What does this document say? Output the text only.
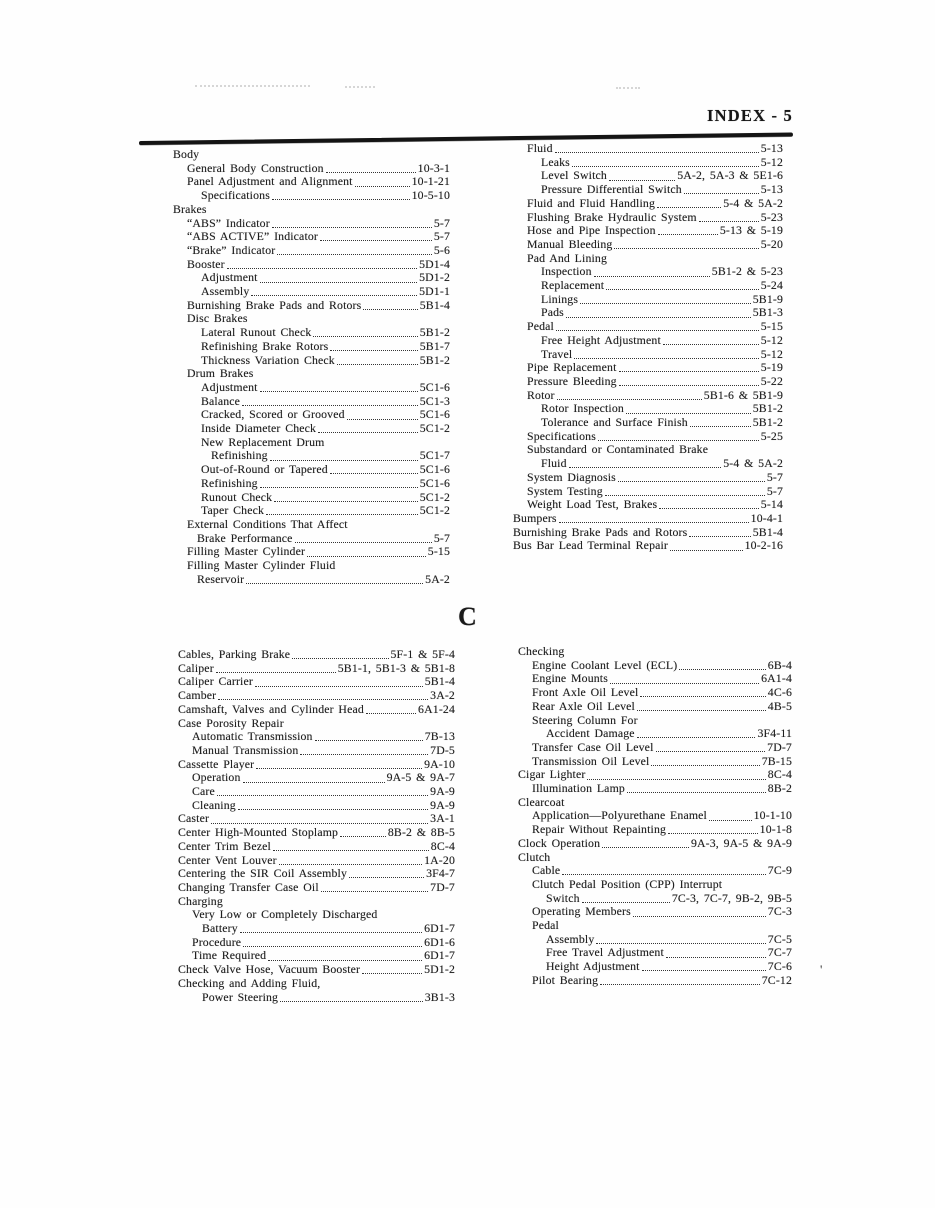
INDEX - 5
Body
General Body Construction	10-3-1
Panel Adjustment and Alignment	10-1-21
Specifications	10-5-10
Brakes
“ABS” Indicator	5-7
“ABS ACTIVE” Indicator	5-7
“Brake” Indicator	5-6
Booster	5D1-4
Adjustment	5D1-2
Assembly	5D1-1
Burnishing Brake Pads and Rotors	5B1-4
Disc Brakes
Lateral Runout Check	5B1-2
Refinishing Brake Rotors	5B1-7
Thickness Variation Check	5B1-2
Drum Brakes
Adjustment	5C1-6
Balance	5C1-3
Cracked, Scored or Grooved	5C1-6
Inside Diameter Check	5C1-2
New Replacement Drum
Refinishing	5C1-7
Out-of-Round or Tapered	5C1-6
Refinishing	5C1-6
Runout Check	5C1-2
Taper Check	5C1-2
External Conditions That Affect
Brake Performance	5-7
Filling Master Cylinder	5-15
Filling Master Cylinder Fluid
Reservoir	5A-2
Fluid	5-13
Leaks	5-12
Level Switch	5A-2, 5A-3 & 5E1-6
Pressure Differential Switch	5-13
Fluid and Fluid Handling	5-4 & 5A-2
Flushing Brake Hydraulic System	5-23
Hose and Pipe Inspection	5-13 & 5-19
Manual Bleeding	5-20
Pad And Lining
Inspection	5B1-2 & 5-23
Replacement	5-24
Linings	5B1-9
Pads	5B1-3
Pedal	5-15
Free Height Adjustment	5-12
Travel	5-12
Pipe Replacement	5-19
Pressure Bleeding	5-22
Rotor	5B1-6 & 5B1-9
Rotor Inspection	5B1-2
Tolerance and Surface Finish	5B1-2
Specifications	5-25
Substandard or Contaminated Brake
Fluid	5-4 & 5A-2
System Diagnosis	5-7
System Testing	5-7
Weight Load Test, Brakes	5-14
Bumpers	10-4-1
Burnishing Brake Pads and Rotors	5B1-4
Bus Bar Lead Terminal Repair	10-2-16
C
Cables, Parking Brake	5F-1 & 5F-4
Caliper	5B1-1, 5B1-3 & 5B1-8
Caliper Carrier	5B1-4
Camber	3A-2
Camshaft, Valves and Cylinder Head	6A1-24
Case Porosity Repair
Automatic Transmission	7B-13
Manual Transmission	7D-5
Cassette Player	9A-10
Operation	9A-5 & 9A-7
Care	9A-9
Cleaning	9A-9
Caster	3A-1
Center High-Mounted Stoplamp	8B-2 & 8B-5
Center Trim Bezel	8C-4
Center Vent Louver	1A-20
Centering the SIR Coil Assembly	3F4-7
Changing Transfer Case Oil	7D-7
Charging
Very Low or Completely Discharged
Battery	6D1-7
Procedure	6D1-6
Time Required	6D1-7
Check Valve Hose, Vacuum Booster	5D1-2
Checking and Adding Fluid,
Power Steering	3B1-3
Checking
Engine Coolant Level (ECL)	6B-4
Engine Mounts	6A1-4
Front Axle Oil Level	4C-6
Rear Axle Oil Level	4B-5
Steering Column For
Accident Damage	3F4-11
Transfer Case Oil Level	7D-7
Transmission Oil Level	7B-15
Cigar Lighter	8C-4
Illumination Lamp	8B-2
Clearcoat
Application—Polyurethane Enamel	10-1-10
Repair Without Repainting	10-1-8
Clock Operation	9A-3, 9A-5 & 9A-9
Clutch
Cable	7C-9
Clutch Pedal Position (CPP) Interrupt
Switch	7C-3, 7C-7, 9B-2, 9B-5
Operating Members	7C-3
Pedal
Assembly	7C-5
Free Travel Adjustment	7C-7
Height Adjustment	7C-6
Pilot Bearing	7C-12
'
